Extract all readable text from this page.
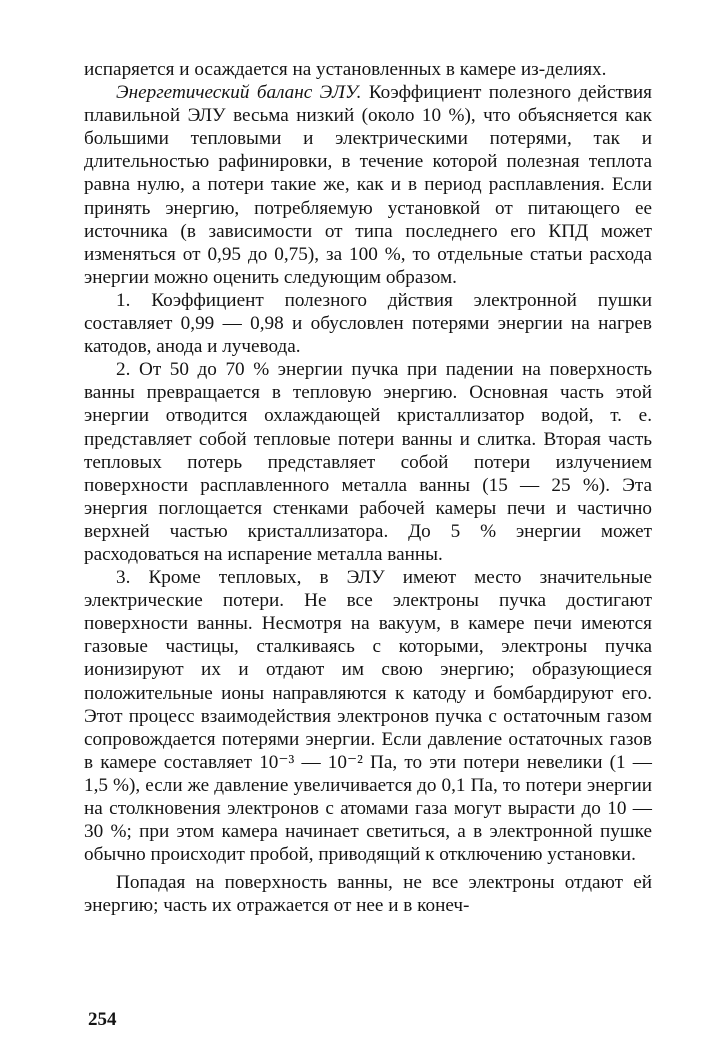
испаряется и осаждается на установленных в камере из-делиях.

Энергетический баланс ЭЛУ. Коэффициент полезного действия плавильной ЭЛУ весьма низкий (около 10 %), что объясняется как большими тепловыми и электрическими потерями, так и длительностью рафинировки, в течение которой полезная теплота равна нулю, а потери такие же, как и в период расплавления. Если принять энергию, потребляемую установкой от питающего ее источника (в зависимости от типа последнего его КПД может изменяться от 0,95 до 0,75), за 100 %, то отдельные статьи расхода энергии можно оценить следующим образом.

1. Коэффициент полезного дйствия электронной пушки составляет 0,99 — 0,98 и обусловлен потерями энергии на нагрев катодов, анода и лучевода.

2. От 50 до 70 % энергии пучка при падении на поверхность ванны превращается в тепловую энергию. Основная часть этой энергии отводится охлаждающей кристаллизатор водой, т. е. представляет собой тепловые потери ванны и слитка. Вторая часть тепловых потерь представляет собой потери излучением поверхности расплавленного металла ванны (15 — 25 %). Эта энергия поглощается стенками рабочей камеры печи и частично верхней частью кристаллизатора. До 5 % энергии может расходоваться на испарение металла ванны.

3. Кроме тепловых, в ЭЛУ имеют место значительные электрические потери. Не все электроны пучка достигают поверхности ванны. Несмотря на вакуум, в камере печи имеются газовые частицы, сталкиваясь с которыми, электроны пучка ионизируют их и отдают им свою энергию; образующиеся положительные ионы направляются к катоду и бомбардируют его. Этот процесс взаимодействия электронов пучка с остаточным газом сопровождается потерями энергии. Если давление остаточных газов в камере составляет 10⁻³ — 10⁻² Па, то эти потери невелики (1 — 1,5 %), если же давление увеличивается до 0,1 Па, то потери энергии на столкновения электронов с атомами газа могут вырасти до 10 — 30 %; при этом камера начинает светиться, а в электронной пушке обычно происходит пробой, приводящий к отключению установки.

Попадая на поверхность ванны, не все электроны отдают ей энергию; часть их отражается от нее и в конеч-

254
